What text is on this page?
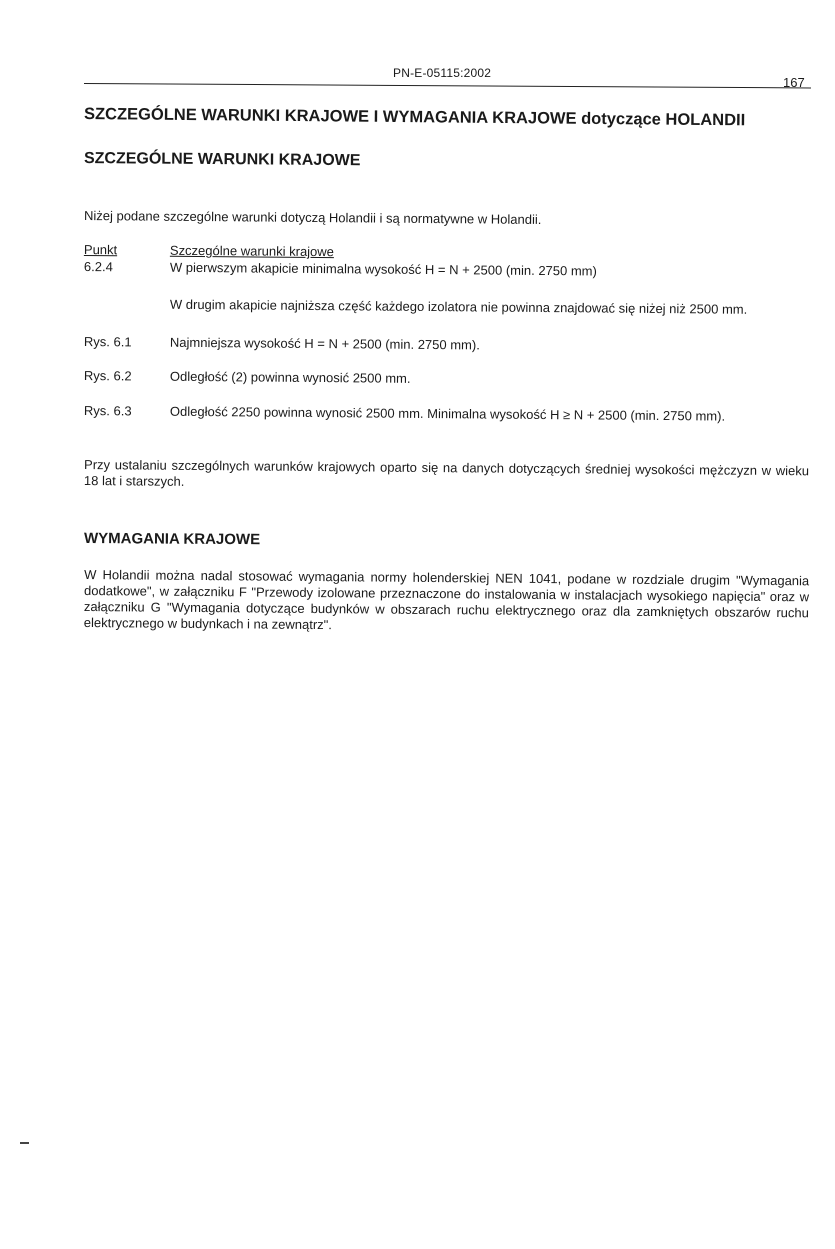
PN-E-05115:2002
167
SZCZEGÓLNE WARUNKI KRAJOWE I WYMAGANIA KRAJOWE dotyczące HOLANDII
SZCZEGÓLNE WARUNKI KRAJOWE
Niżej podane szczególne warunki dotyczą Holandii i są normatywne w Holandii.
Punkt	Szczególne warunki krajowe
6.2.4	W pierwszym akapicie minimalna wysokość H = N + 2500 (min. 2750 mm)
W drugim akapicie najniższa część każdego izolatora nie powinna znajdować się niżej niż 2500 mm.
Rys. 6.1	Najmniejsza wysokość H = N + 2500 (min. 2750 mm).
Rys. 6.2	Odległość (2) powinna wynosić 2500 mm.
Rys. 6.3	Odległość 2250 powinna wynosić 2500 mm. Minimalna wysokość H ≥ N + 2500 (min. 2750 mm).
Przy ustalaniu szczególnych warunków krajowych oparto się na danych dotyczących średniej wysokości mężczyzn w wieku 18 lat i starszych.
WYMAGANIA KRAJOWE
W Holandii można nadal stosować wymagania normy holenderskiej NEN 1041, podane w rozdziale drugim "Wymagania dodatkowe", w załączniku F "Przewody izolowane przeznaczone do instalowania w instalacjach wysokiego napięcia" oraz w załączniku G "Wymagania dotyczące budynków w obszarach ruchu elektrycznego oraz dla zamkniętych obszarów ruchu elektrycznego w budynkach i na zewnątrz".
